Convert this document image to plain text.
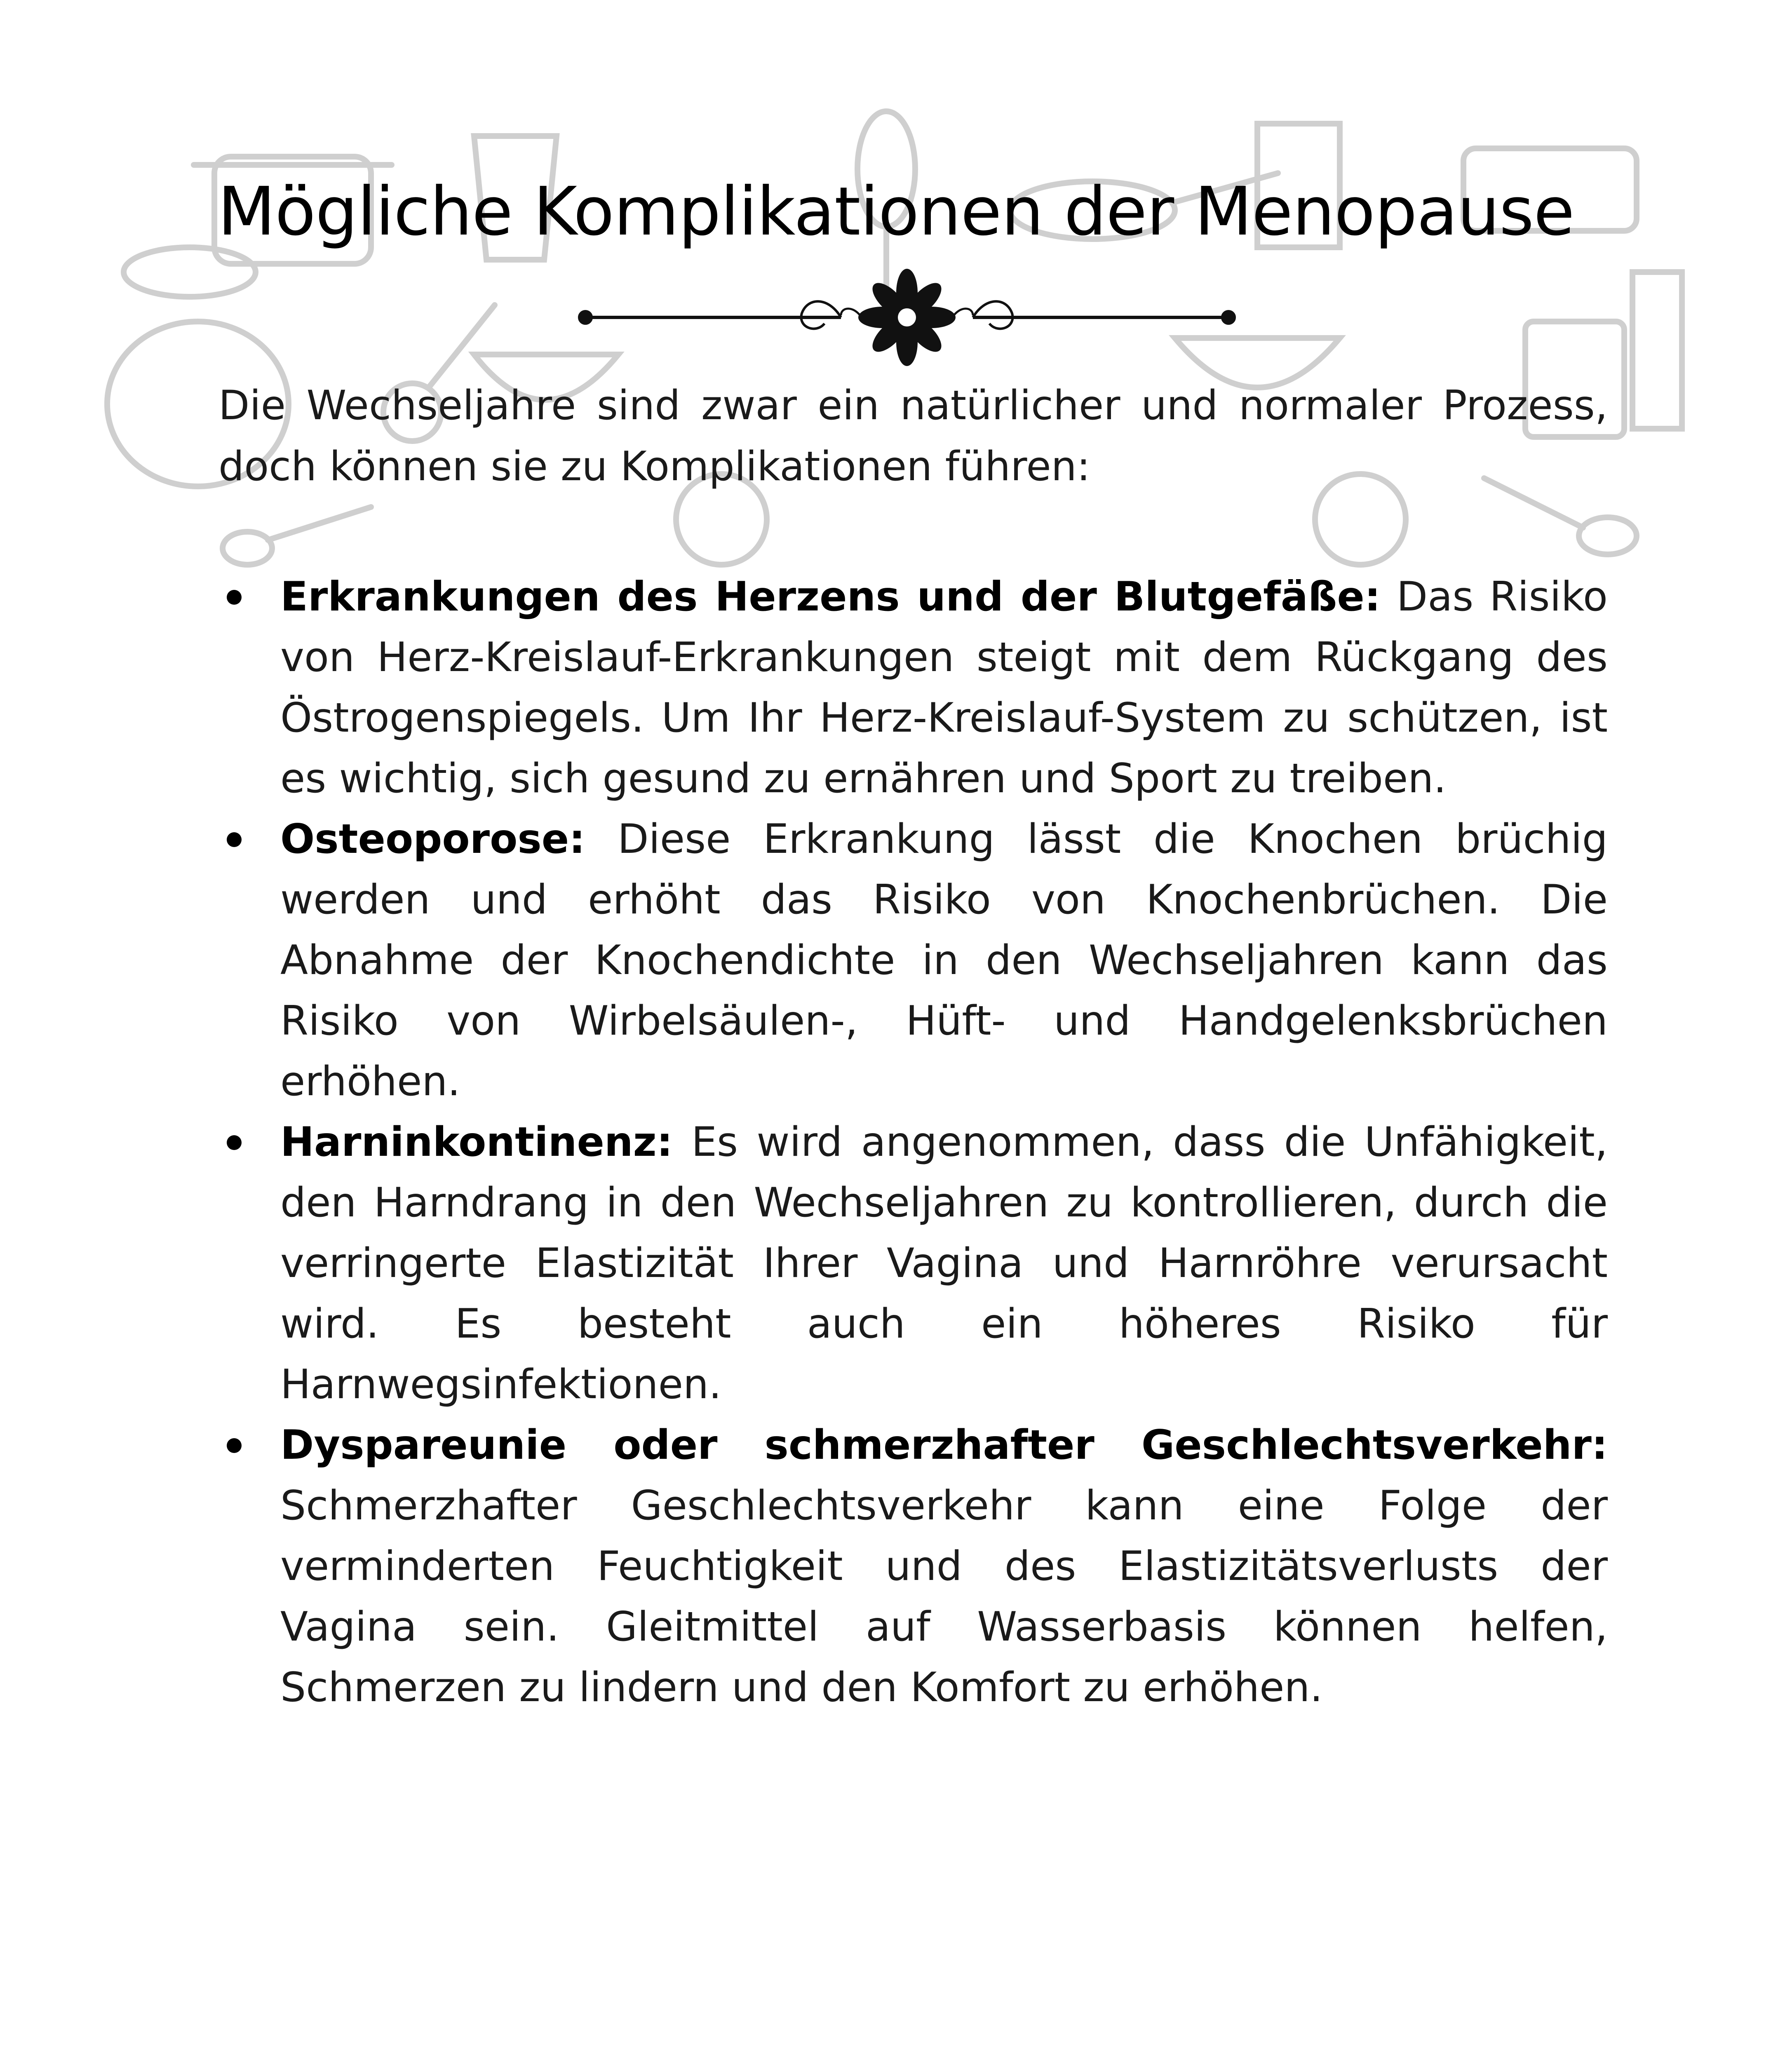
Mögliche Komplikationen der Menopause

Die Wechseljahre sind zwar ein natürlicher und normaler Prozess, doch können sie zu Komplikationen führen:

Erkrankungen des Herzens und der Blutgefäße: Das Risiko von Herz-Kreislauf-Erkrankungen steigt mit dem Rückgang des Östrogenspiegels. Um Ihr Herz-Kreislauf-System zu schützen, ist es wichtig, sich gesund zu ernähren und Sport zu treiben.
Osteoporose: Diese Erkrankung lässt die Knochen brüchig werden und erhöht das Risiko von Knochenbrüchen. Die Abnahme der Knochendichte in den Wechseljahren kann das Risiko von Wirbelsäulen-, Hüft- und Handgelenksbrüchen erhöhen.
Harninkontinenz: Es wird angenommen, dass die Unfähigkeit, den Harndrang in den Wechseljahren zu kontrollieren, durch die verringerte Elastizität Ihrer Vagina und Harnröhre verursacht wird. Es besteht auch ein höheres Risiko für Harnwegsinfektionen.
Dyspareunie oder schmerzhafter Geschlechtsverkehr: Schmerzhafter Geschlechtsverkehr kann eine Folge der verminderten Feuchtigkeit und des Elastizitätsverlusts der Vagina sein. Gleitmittel auf Wasserbasis können helfen, Schmerzen zu lindern und den Komfort zu erhöhen.
